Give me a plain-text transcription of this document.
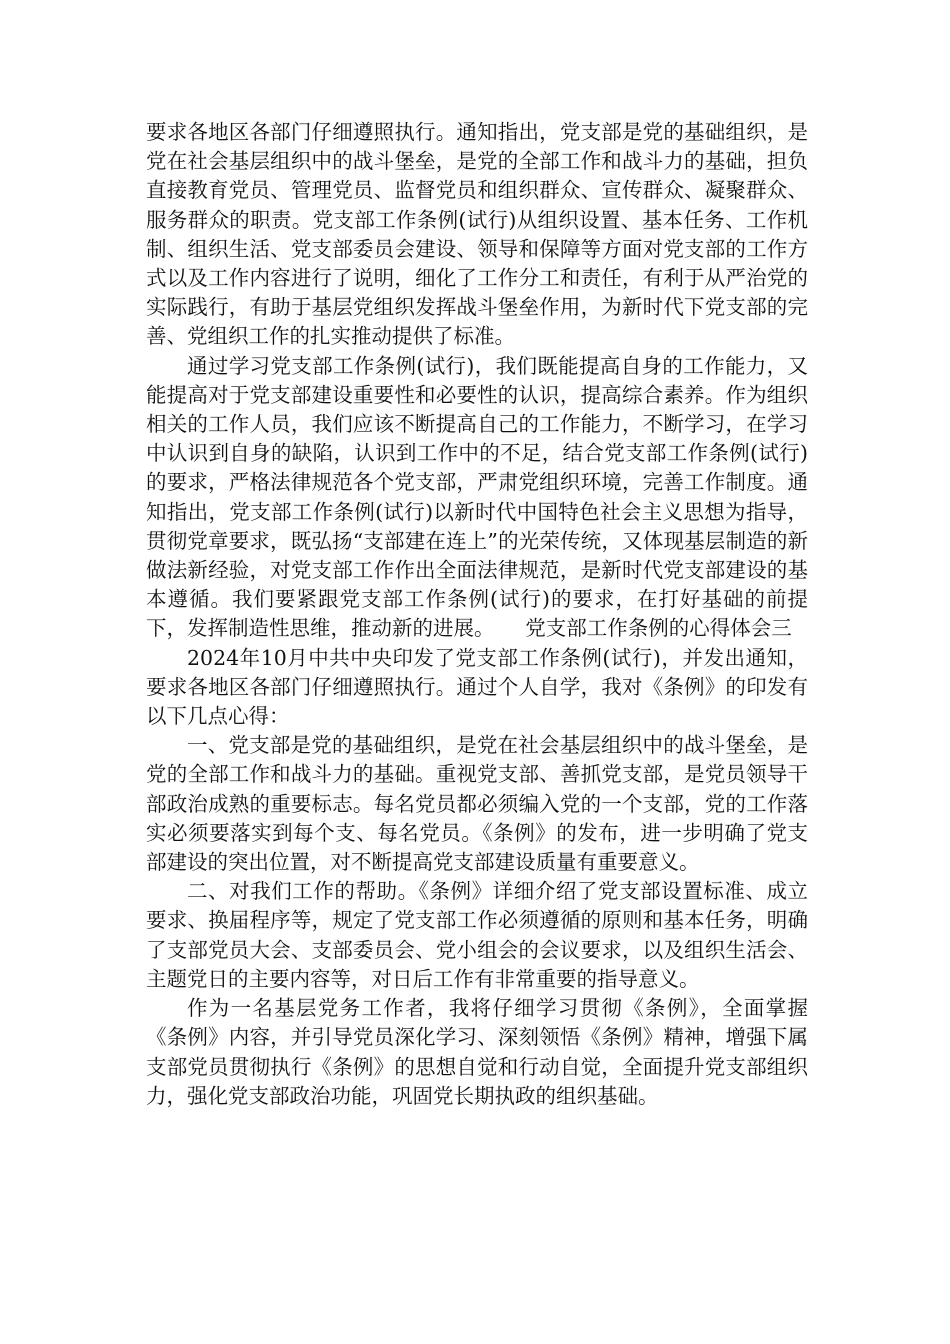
要求各地区各部门仔细遵照执行。通知指出，党支部是党的基础组织，是党在社会基层组织中的战斗堡垒，是党的全部工作和战斗力的基础，担负直接教育党员、管理党员、监督党员和组织群众、宣传群众、凝聚群众、服务群众的职责。党支部工作条例(试行)从组织设置、基本任务、工作机制、组织生活、党支部委员会建设、领导和保障等方面对党支部的工作方式以及工作内容进行了说明，细化了工作分工和责任，有利于从严治党的实际践行，有助于基层党组织发挥战斗堡垒作用，为新时代下党支部的完善、党组织工作的扎实推动提供了标准。

通过学习党支部工作条例(试行)，我们既能提高自身的工作能力，又能提高对于党支部建设重要性和必要性的认识，提高综合素养。作为组织相关的工作人员，我们应该不断提高自己的工作能力，不断学习，在学习中认识到自身的缺陷，认识到工作中的不足，结合党支部工作条例(试行)的要求，严格法律规范各个党支部，严肃党组织环境，完善工作制度。通知指出，党支部工作条例(试行)以新时代中国特色社会主义思想为指导，贯彻党章要求，既弘扬“支部建在连上”的光荣传统，又体现基层制造的新做法新经验，对党支部工作作出全面法律规范，是新时代党支部建设的基本遵循。我们要紧跟党支部工作条例(试行)的要求，在打好基础的前提下，发挥制造性思维，推动新的进展。　　党支部工作条例的心得体会三

2024年10月中共中央印发了党支部工作条例(试行)，并发出通知，要求各地区各部门仔细遵照执行。通过个人自学，我对《条例》的印发有以下几点心得：

一、党支部是党的基础组织，是党在社会基层组织中的战斗堡垒，是党的全部工作和战斗力的基础。重视党支部、善抓党支部，是党员领导干部政治成熟的重要标志。每名党员都必须编入党的一个支部，党的工作落实必须要落实到每个支、每名党员。《条例》的发布，进一步明确了党支部建设的突出位置，对不断提高党支部建设质量有重要意义。

二、对我们工作的帮助。《条例》详细介绍了党支部设置标准、成立要求、换届程序等，规定了党支部工作必须遵循的原则和基本任务，明确了支部党员大会、支部委员会、党小组会的会议要求，以及组织生活会、主题党日的主要内容等，对日后工作有非常重要的指导意义。

作为一名基层党务工作者，我将仔细学习贯彻《条例》，全面掌握《条例》内容，并引导党员深化学习、深刻领悟《条例》精神，增强下属支部党员贯彻执行《条例》的思想自觉和行动自觉，全面提升党支部组织力，强化党支部政治功能，巩固党长期执政的组织基础。
